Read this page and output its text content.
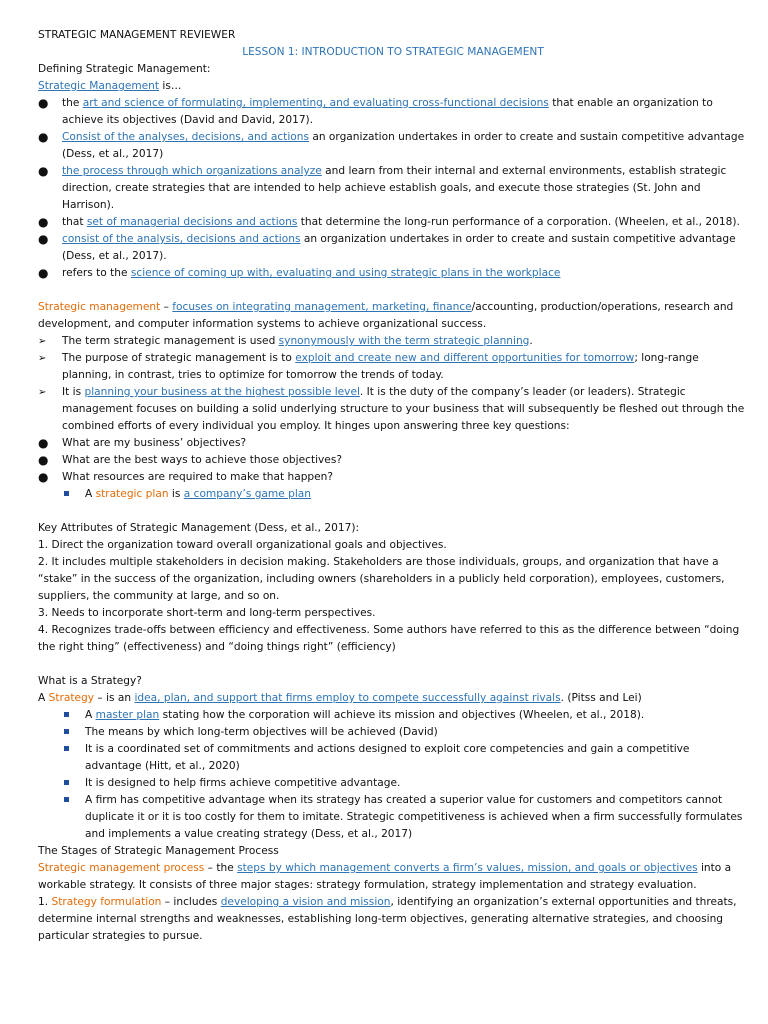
STRATEGIC MANAGEMENT REVIEWER

LESSON 1: INTRODUCTION TO STRATEGIC MANAGEMENT

Defining Strategic Management:

Strategic Management is…

●	the art and science of formulating, implementing, and evaluating cross-functional decisions that enable an organization to achieve its objectives (David and David, 2017).

●	Consist of the analyses, decisions, and actions an organization undertakes in order to create and sustain competitive advantage (Dess, et al., 2017)

●	the process through which organizations analyze and learn from their internal and external environments, establish strategic direction, create strategies that are intended to help achieve establish goals, and execute those strategies (St. John and Harrison).

●	that set of managerial decisions and actions that determine the long-run performance of a corporation. (Wheelen, et al., 2018).

●	consist of the analysis, decisions and actions an organization undertakes in order to create and sustain competitive advantage (Dess, et al., 2017).

●	refers to the science of coming up with, evaluating and using strategic plans in the workplace

Strategic management – focuses on integrating management, marketing, finance/accounting, production/operations, research and development, and computer information systems to achieve organizational success.

➢	The term strategic management is used synonymously with the term strategic planning.

➢	The purpose of strategic management is to exploit and create new and different opportunities for tomorrow; long-range planning, in contrast, tries to optimize for tomorrow the trends of today.

➢	It is planning your business at the highest possible level. It is the duty of the company’s leader (or leaders). Strategic management focuses on building a solid underlying structure to your business that will subsequently be fleshed out through the combined efforts of every individual you employ. It hinges upon answering three key questions:

●	What are my business’ objectives?

●	What are the best ways to achieve those objectives?

●	What resources are required to make that happen?

A strategic plan is a company’s game plan

Key Attributes of Strategic Management (Dess, et al., 2017):

1. Direct the organization toward overall organizational goals and objectives.

2. It includes multiple stakeholders in decision making. Stakeholders are those individuals, groups, and organization that have a “stake” in the success of the organization, including owners (shareholders in a publicly held corporation), employees, customers, suppliers, the community at large, and so on.

3. Needs to incorporate short-term and long-term perspectives.

4. Recognizes trade-offs between efficiency and effectiveness. Some authors have referred to this as the difference between “doing the right thing” (effectiveness) and “doing things right” (efficiency)

What is a Strategy?

A Strategy – is an idea, plan, and support that firms employ to compete successfully against rivals. (Pitss and Lei)

A master plan stating how the corporation will achieve its mission and objectives (Wheelen, et al., 2018).

The means by which long-term objectives will be achieved (David)

It is a coordinated set of commitments and actions designed to exploit core competencies and gain a competitive advantage (Hitt, et al., 2020)

It is designed to help firms achieve competitive advantage.

A firm has competitive advantage when its strategy has created a superior value for customers and competitors cannot duplicate it or it is too costly for them to imitate. Strategic competitiveness is achieved when a firm successfully formulates and implements a value creating strategy (Dess, et al., 2017)

The Stages of Strategic Management Process

Strategic management process – the steps by which management converts a firm’s values, mission, and goals or objectives into a workable strategy. It consists of three major stages: strategy formulation, strategy implementation and strategy evaluation.

1. Strategy formulation – includes developing a vision and mission, identifying an organization’s external opportunities and threats, determine internal strengths and weaknesses, establishing long-term objectives, generating alternative strategies, and choosing particular strategies to pursue.
